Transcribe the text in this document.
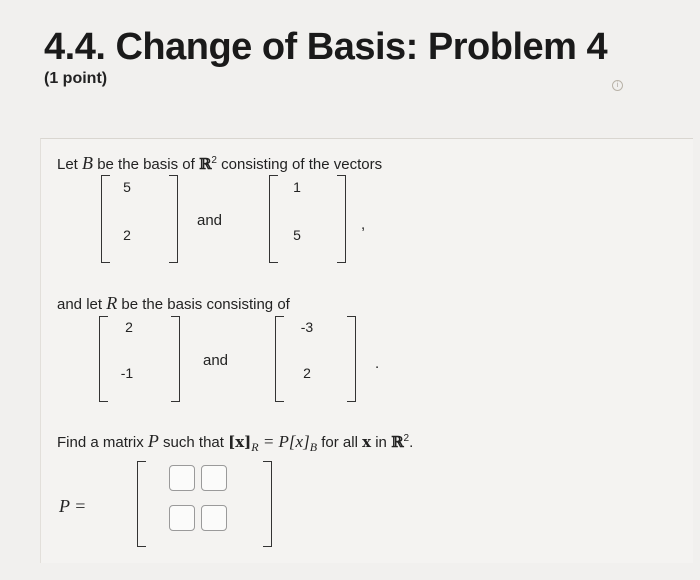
4.4. Change of Basis: Problem 4
(1 point)	i
Let B be the basis of ℝ$^2$ consisting of the vectors
5
2
and
1
5
,
and let R be the basis consisting of
2
-1
and
-3
2
.
Find a matrix P such that $[x]_R = P[x]_B$ for all x in ℝ$^2$.
P =
